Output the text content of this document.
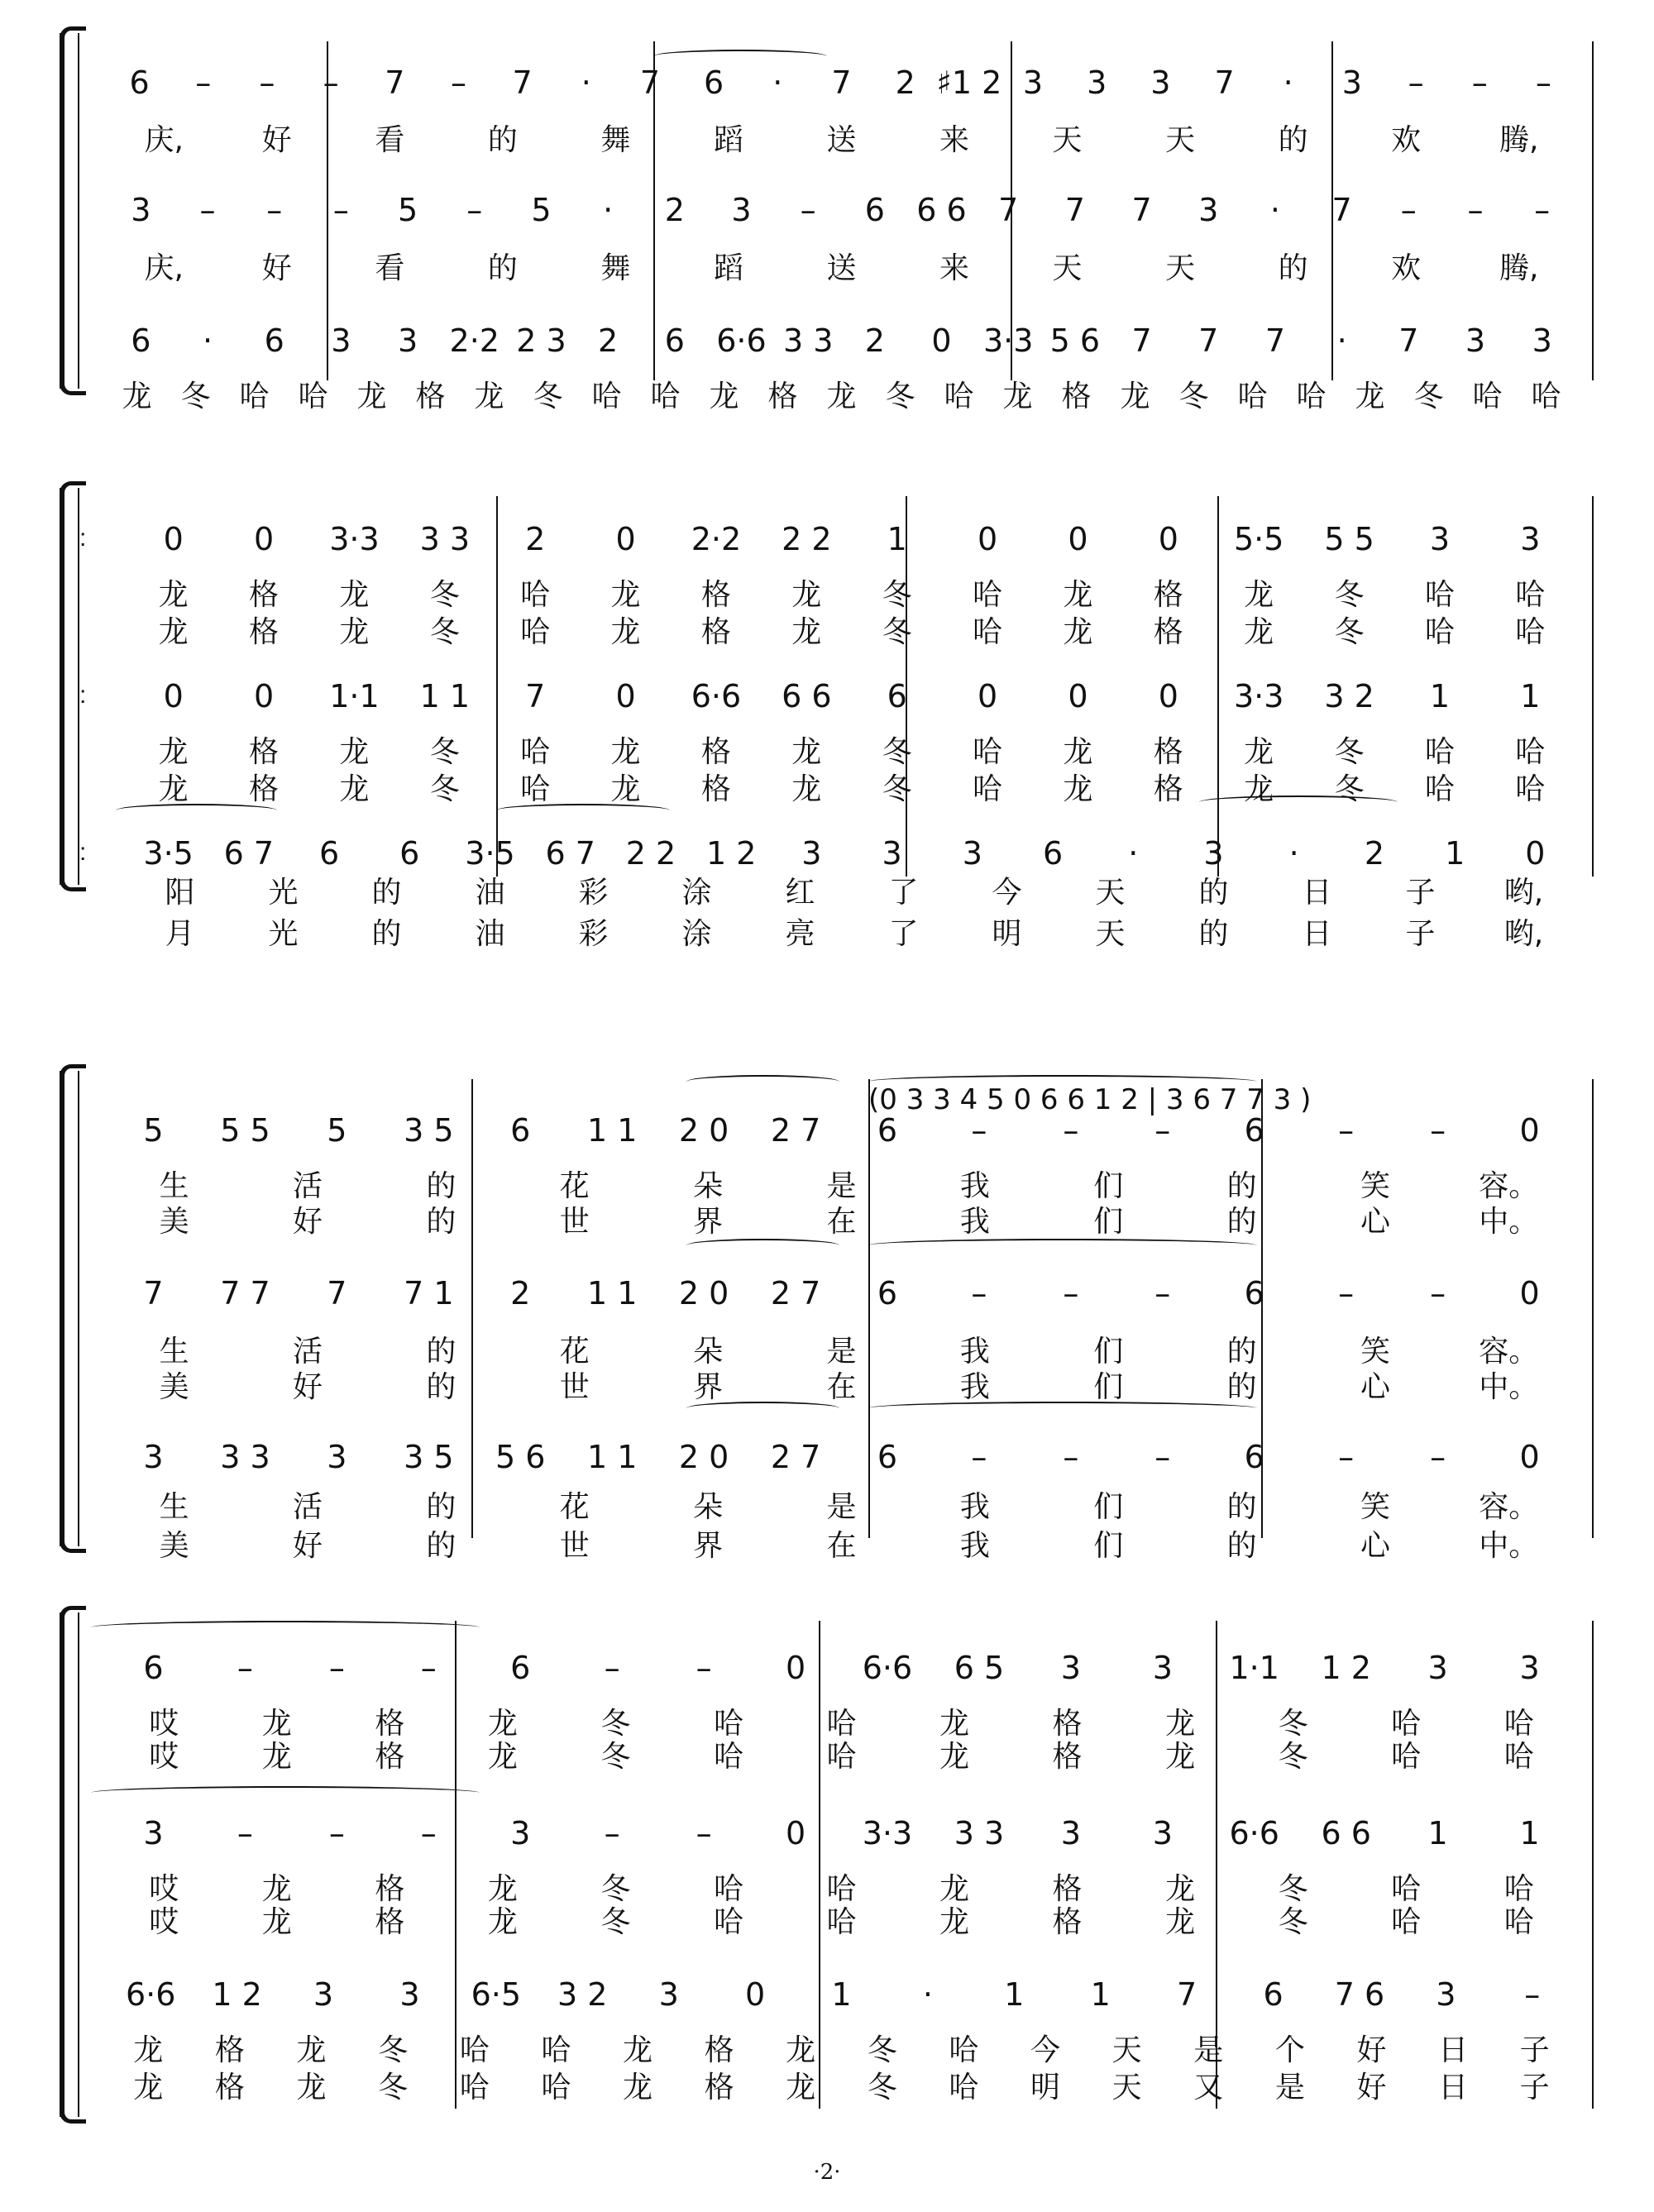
6 – – – 7 – 7 · 7 6 · 7 2 ♯1 2 3 3 3 7 · 3 – – –
庆,	好	看	的	舞	蹈	送	来	天	天	的	欢	腾,
3 – – – 5 – 5 · 2 3 – 6 6 6 7 7 7 3 · 7 – – –
庆,	好	看	的	舞	蹈	送	来	天	天	的	欢	腾,
6 · 6 3 3 2·2 2 3 2 6 6·6 3 3 2 0 3·3 5 6 7 7 7 · 7 3 3
龙 冬 哈 哈 龙 格 龙 冬 哈 哈 龙 格 龙 冬 哈 龙 格 龙 冬 哈 哈 龙 冬 哈 哈
:
:
:
0 0 3·3 3 3 2 0 2·2 2 2 1 0 0 0 5·5 5 5 3 3
龙 格 龙 冬 哈 龙 格 龙 冬 哈 龙 格 龙 冬 哈 哈
龙 格 龙 冬 哈 龙 格 龙 冬 哈 龙 格 龙 冬 哈 哈
0 0 1·1 1 1 7 0 6·6 6 6 6 0 0 0 3·3 3 2 1 1
龙 格 龙 冬 哈 龙 格 龙 冬 哈 龙 格 龙 冬 哈 哈
龙 格 龙 冬 哈 龙 格 龙 冬 哈 龙 格 龙 冬 哈 哈
3·5 6 7 6 6 3·5 6 7 2 2 1 2 3 3 3 6 · 3 · 2 1 0
阳 光 的 油 彩 涂 红 了 今 天 的 日 子 哟,
月 光 的 油 彩 涂 亮 了 明 天 的 日 子 哟,
(0 3 3 4 5 0 6 6 1 2 | 3 6 7 7 3 )
5 5 5 5 3 5 6 1 1 2 0 2 7 6 – – – 6 – – 0
生	活	的	花	朵	是	我	们	的	笑	容。
美	好	的	世	界	在	我	们	的	心	中。
7 7 7 7 7 1 2 1 1 2 0 2 7 6 – – – 6 – – 0
生	活	的	花	朵	是	我	们	的	笑	容。
美	好	的	世	界	在	我	们	的	心	中。
3 3 3 3 3 5 5 6 1 1 2 0 2 7 6 – – – 6 – – 0
生	活	的	花	朵	是	我	们	的	笑	容。
美	好	的	世	界	在	我	们	的	心	中。
6 – – – 6 – – 0 6·6 6 5 3 3 1·1 1 2 3 3
哎	龙	格	龙	冬	哈	哈	龙	格	龙	冬	哈	哈
哎	龙	格	龙	冬	哈	哈	龙	格	龙	冬	哈	哈
3 – – – 3 – – 0 3·3 3 3 3 3 6·6 6 6 1 1
哎	龙	格	龙	冬	哈	哈	龙	格	龙	冬	哈	哈
哎	龙	格	龙	冬	哈	哈	龙	格	龙	冬	哈	哈
6·6 1 2 3 3 6·5 3 2 3 0 1 · 1 1 7 6 7 6 3 –
龙 格 龙 冬 哈 哈 龙 格 龙 冬 哈 今 天 是 个 好 日 子
龙 格 龙 冬 哈 哈 龙 格 龙 冬 哈 明 天 又 是 好 日 子
·2·
